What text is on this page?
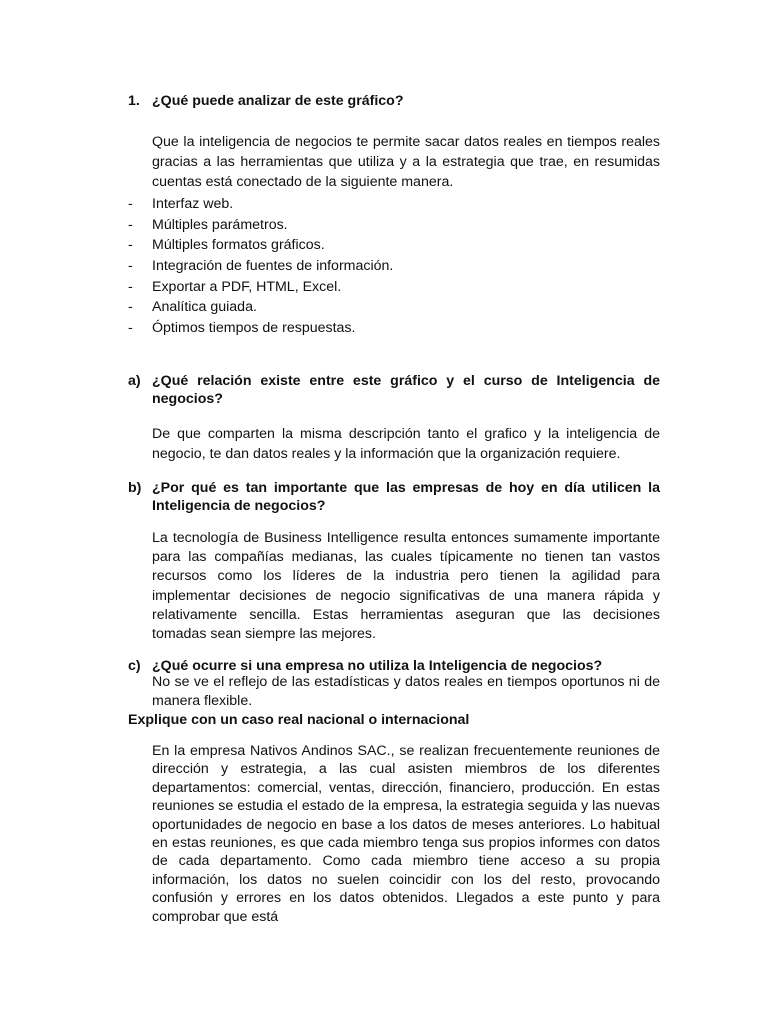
1. ¿Qué puede analizar de este gráfico?
Que la inteligencia de negocios te permite sacar datos reales en tiempos reales gracias a las herramientas que utiliza y a la estrategia que trae, en resumidas cuentas está conectado de la siguiente manera.
- Interfaz web.
- Múltiples parámetros.
- Múltiples formatos gráficos.
- Integración de fuentes de información.
- Exportar a PDF, HTML, Excel.
- Analítica guiada.
- Óptimos tiempos de respuestas.
a) ¿Qué relación existe entre este gráfico y el curso de Inteligencia de negocios?
De que comparten la misma descripción tanto el grafico y la inteligencia de negocio, te dan datos reales y la información que la organización requiere.
b) ¿Por qué es tan importante que las empresas de hoy en día utilicen la Inteligencia de negocios?
La tecnología de Business Intelligence resulta entonces sumamente importante para las compañías medianas, las cuales típicamente no tienen tan vastos recursos como los líderes de la industria pero tienen la agilidad para implementar decisiones de negocio significativas de una manera rápida y relativamente sencilla. Estas herramientas aseguran que las decisiones tomadas sean siempre las mejores.
c) ¿Qué ocurre si una empresa no utiliza la Inteligencia de negocios?
No se ve el reflejo de las estadísticas y datos reales en tiempos oportunos ni de manera flexible.
Explique con un caso real nacional o internacional
En la empresa Nativos Andinos SAC., se realizan frecuentemente reuniones de dirección y estrategia, a las cual asisten miembros de los diferentes departamentos: comercial, ventas, dirección, financiero, producción. En estas reuniones se estudia el estado de la empresa, la estrategia seguida y las nuevas oportunidades de negocio en base a los datos de meses anteriores. Lo habitual en estas reuniones, es que cada miembro tenga sus propios informes con datos de cada departamento. Como cada miembro tiene acceso a su propia información, los datos no suelen coincidir con los del resto, provocando confusión y errores en los datos obtenidos. Llegados a este punto y para comprobar que está
